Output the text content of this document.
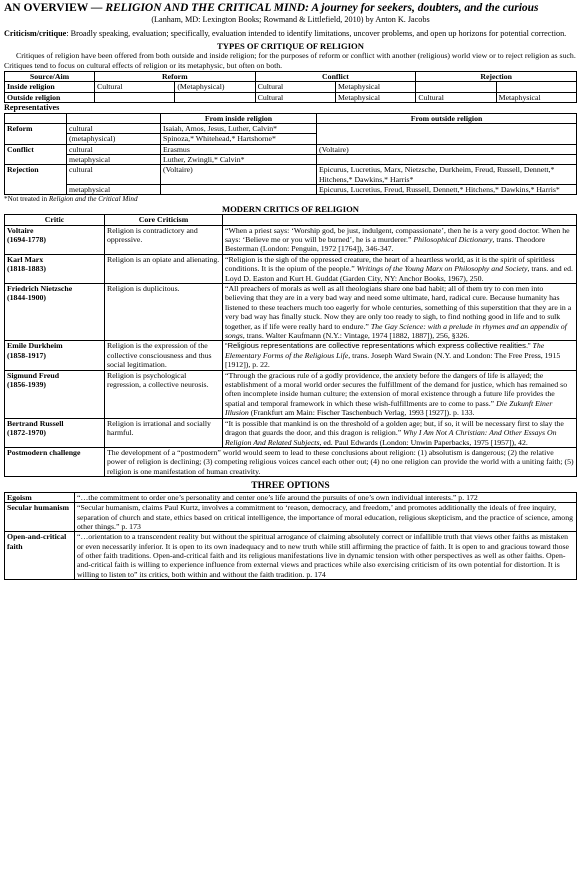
AN OVERVIEW — RELIGION AND THE CRITICAL MIND: A journey for seekers, doubters, and the curious
(Lanham, MD: Lexington Books; Rowmand & Littlefield, 2010) by Anton K. Jacobs
Criticism/critique: Broadly speaking, evaluation; specifically, evaluation intended to identify limitations, uncover problems, and open up horizons for potential correction.
TYPES OF CRITIQUE OF RELIGION
Critiques of religion have been offered from both outside and inside religion; for the purposes of reform or conflict with another (religious) world view or to reject religion as such. Critiques tend to focus on cultural effects of religion or its metaphysic, but often on both.
Source/Aim	Reform		Conflict		Rejection	
Inside religion	Cultural	(Metaphysical)	Cultural	Metaphysical		
Outside religion			Cultural	Metaphysical	Cultural	Metaphysical
Representatives
		From inside religion	From outside religion
Reform	cultural	Isaiah, Amos, Jesus, Luther, Calvin*	
	(metaphysical)	Spinoza,* Whitehead,* Hartshorne*	
Conflict	cultural	Erasmus	(Voltaire)
	metaphysical	Luther, Zwingli,* Calvin*	
Rejection	cultural	(Voltaire)	Epicurus, Lucretius, Marx, Nietzsche, Durkheim, Freud, Russell, Dennett,* Hitchens,* Dawkins,* Harris*
	metaphysical		Epicurus, Lucretius, Freud, Russell, Dennett,* Hitchens,* Dawkins,* Harris*
*Not treated in Religion and the Critical Mind
MODERN CRITICS OF RELIGION
Critic	Core Criticism	
Voltaire
(1694-1778)	Religion is contradictory and oppressive.	“When a priest says: ‘Worship god, be just, indulgent, compassionate’, then he is a very good doctor. When he says: ‘Believe me or you will be burned’, he is a murderer.” Philosophical Dictionary, trans. Theodore Besterman (London: Penguin, 1972 [1764]), 346-347.
Karl Marx
(1818-1883)	Religion is an opiate and alienating.	“Religion is the sigh of the oppressed creature, the heart of a heartless world, as it is the spirit of spiritless conditions. It is the opium of the people.” Writings of the Young Marx on Philosophy and Society, trans. and ed. Loyd D. Easton and Kurt H. Guddat (Garden City, NY: Anchor Books, 1967), 250.
Friedrich Nietzsche
(1844-1900)	Religion is duplicitous.	“All preachers of morals as well as all theologians share one bad habit; all of them try to con men into believing that they are in a very bad way and need some ultimate, hard, radical cure. Because humanity has listened to these teachers much too eagerly for whole centuries, something of this superstition that they are in a very bad way has finally stuck. Now they are only too ready to sigh, to find nothing good in life and to sulk together, as if life were really hard to endure.” The Gay Science: with a prelude in rhymes and an appendix of songs, trans. Walter Kaufmann (N.Y.: Vintage, 1974 [1882, 1887]), 256, §326.
Emile Durkheim
(1858-1917)	Religion is the expression of the collective consciousness and thus social legitimation.	“Religious representations are collective representations which express collective realities.” The Elementary Forms of the Religious Life, trans. Joseph Ward Swain (N.Y. and London: The Free Press, 1915 [1912]), p. 22.
Sigmund Freud
(1856-1939)	Religion is psychological regression, a collective neurosis.	“Through the gracious rule of a godly providence, the anxiety before the dangers of life is allayed; the establishment of a moral world order secures the fulfillment of the demand for justice, which has remained so often incomplete inside human culture; the extension of moral existence through a future life provides the spatial and temporal framework in which these wish-fulfillments are to come to pass.” Die Zukunft Einer Illusion (Frankfurt am Main: Fischer Taschenbuch Verlag, 1993 [1927]). p. 133.
Bertrand Russell
(1872-1970)	Religion is irrational and socially harmful.	“It is possible that mankind is on the threshold of a golden age; but, if so, it will be necessary first to slay the dragon that guards the door, and this dragon is religion.” Why I Am Not A Christian: And Other Essays On Religion And Related Subjects, ed. Paul Edwards (London: Unwin Paperbacks, 1975 [1957]), 42.
Postmodern challenge	The development of a “postmodern” world would seem to lead to these conclusions about religion: (1) absolutism is dangerous; (2) the relative power of religion is declining; (3) competing religious voices cancel each other out; (4) no one religion can provide the world with a uniting faith; (5) religion is one manifestation of human creativity.	
THREE OPTIONS
Egoism	“…the commitment to order one’s personality and center one’s life around the pursuits of one’s own individual interests.” p. 172
Secular humanism	“Secular humanism, claims Paul Kurtz, involves a commitment to ‘reason, democracy, and freedom,’ and promotes additionally the ideals of free inquiry, separation of church and state, ethics based on critical intelligence, the importance of moral education, religious skepticism, and the practice of science, among other things.” p. 173
Open-and-critical faith	“…orientation to a transcendent reality but without the spiritual arrogance of claiming absolutely correct or infallible truth that views other faiths as mistaken or even necessarily inferior. It is open to its own inadequacy and to new truth while still affirming the practice of faith. It is open to and gracious toward those of other faith traditions. Open-and-critical faith and its religious manifestations live in dynamic tension with other perspectives as well as other faiths. Open-and-critical faith is willing to experience influence from external views and practices while also exercising criticism of its own potential for distortion. It is willing to listen to” its critics, both within and without the faith tradition. p. 174
